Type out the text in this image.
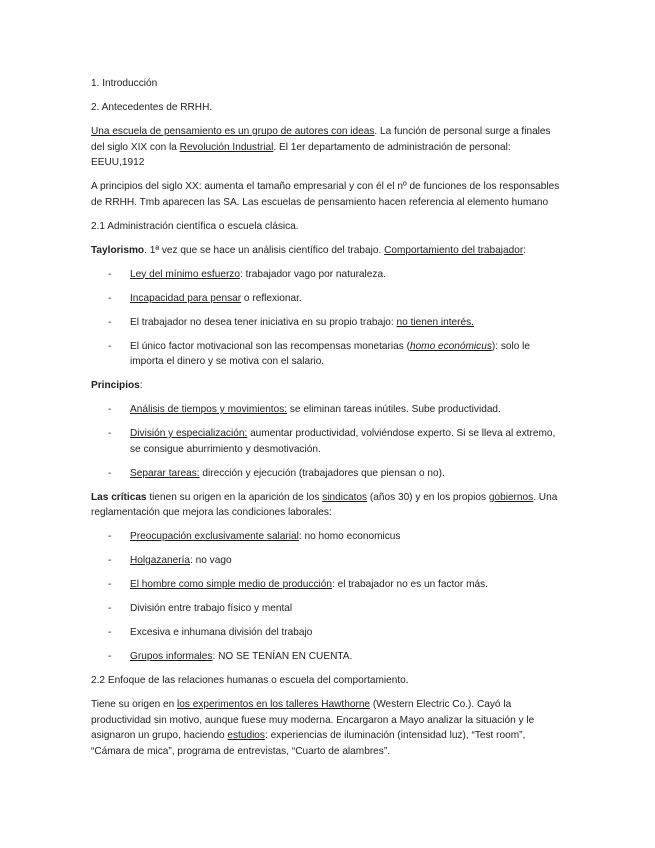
1. Introducción

2. Antecedentes de RRHH.

Una escuela de pensamiento es un grupo de autores con ideas. La función de personal surge a finales del siglo XIX con la Revolución Industrial. El 1er departamento de administración de personal: EEUU,1912

A principios del siglo XX: aumenta el tamaño empresarial y con él el nº de funciones de los responsables de RRHH. Tmb aparecen las SA. Las escuelas de pensamiento hacen referencia al elemento humano

2.1 Administración científica o escuela clásica.

Taylorismo. 1ª vez que se hace un análisis científico del trabajo. Comportamiento del trabajador:

- Ley del mínimo esfuerzo: trabajador vago por naturaleza.

- Incapacidad para pensar o reflexionar.

- El trabajador no desea tener iniciativa en su propio trabajo: no tienen interés.

- El único factor motivacional son las recompensas monetarias (homo económicus): solo le importa el dinero y se motiva con el salario.

Principios:

- Análisis de tiempos y movimientos: se eliminan tareas inútiles. Sube productividad.

- División y especialización: aumentar productividad, volviéndose experto. Si se lleva al extremo, se consigue aburrimiento y desmotivación.

- Separar tareas: dirección y ejecución (trabajadores que piensan o no).

Las críticas tienen su origen en la aparición de los sindicatos (años 30) y en los propios gobiernos. Una reglamentación que mejora las condiciones laborales:

- Preocupación exclusivamente salarial: no homo economicus

- Holgazanería: no vago

- El hombre como simple medio de producción: el trabajador no es un factor más.

- División entre trabajo físico y mental

- Excesiva e inhumana división del trabajo

- Grupos informales: NO SE TENÍAN EN CUENTA.

2.2 Enfoque de las relaciones humanas o escuela del comportamiento.

Tiene su origen en los experimentos en los talleres Hawthorne (Western Electric Co.). Cayó la productividad sin motivo, aunque fuese muy moderna. Encargaron a Mayo analizar la situación y le asignaron un grupo, haciendo estudios: experiencias de iluminación (intensidad luz), “Test room”, “Cámara de mica”, programa de entrevistas, “Cuarto de alambres”.
